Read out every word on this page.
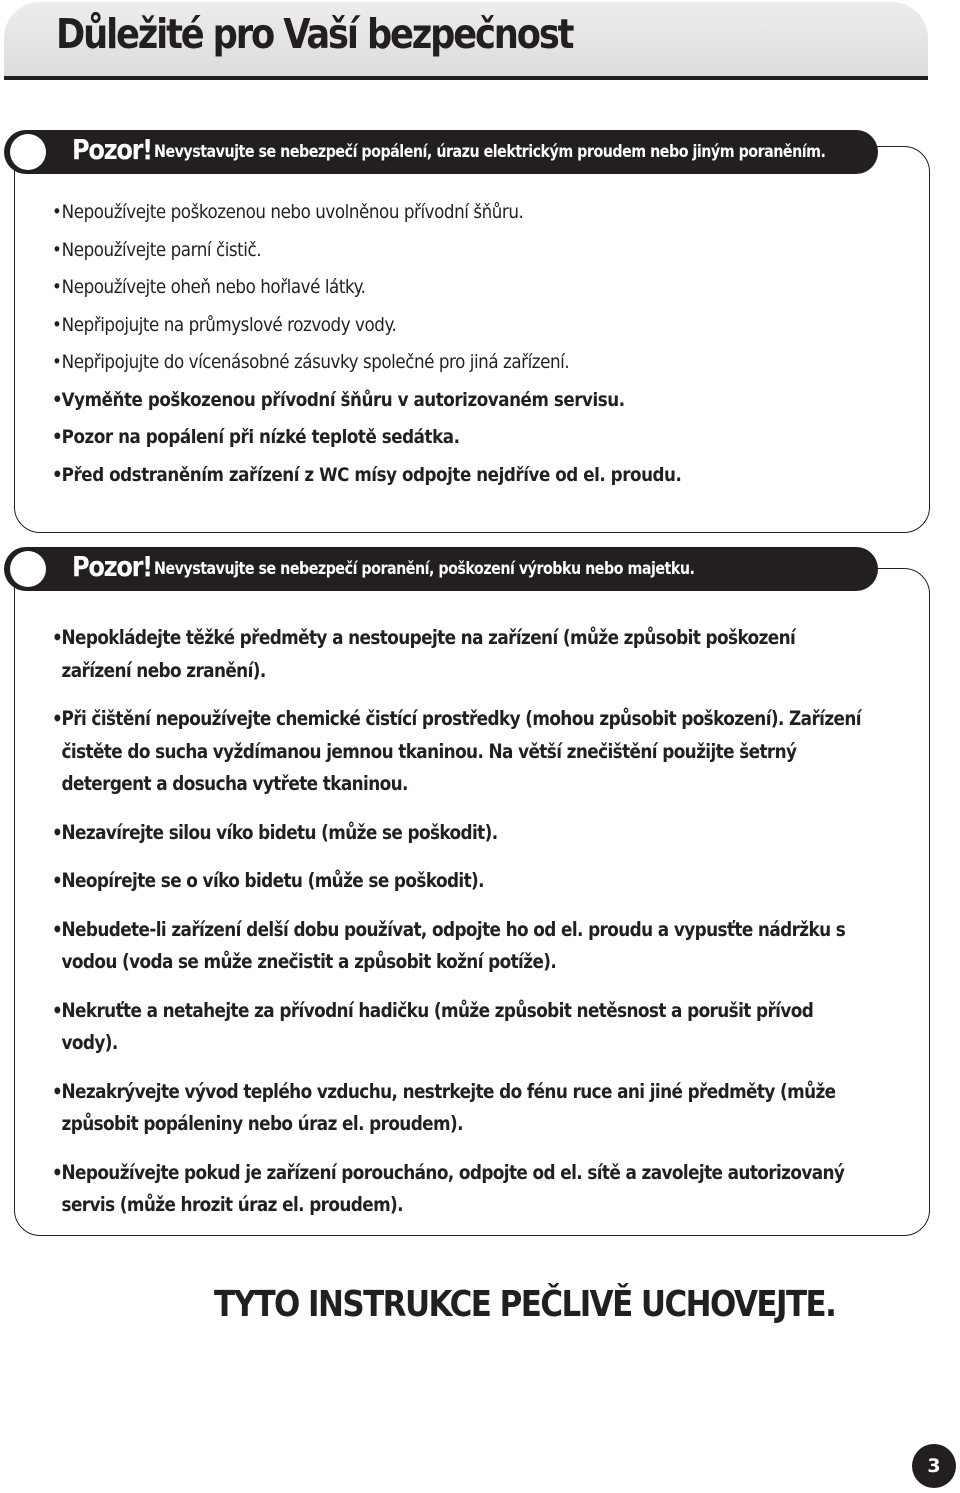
Důležité pro Vaší bezpečnost
Pozor! Nevystavujte se nebezpečí popálení, úrazu elektrickým proudem nebo jiným poraněním.
•Nepoužívejte poškozenou nebo uvolněnou přívodní šňůru.
•Nepoužívejte parní čistič.
•Nepoužívejte oheň nebo hořlavé látky.
•Nepřipojujte na průmyslové rozvody vody.
•Nepřipojujte do vícenásobné zásuvky společné pro jiná zařízení.
•Vyměňte poškozenou přívodní šňůru v autorizovaném servisu.
•Pozor na popálení při nízké teplotě sedátka.
•Před odstraněním zařízení z WC mísy odpojte nejdříve od el. proudu.
Pozor! Nevystavujte se nebezpečí poranění, poškození výrobku nebo majetku.
• Nepokládejte těžké předměty a nestoupejte na zařízení (může způsobit poškození zařízení nebo zranění).
• Při čištění nepoužívejte chemické čistící prostředky (mohou způsobit poškození). Zařízení čistěte do sucha vyždímanou jemnou tkaninou. Na větší znečištění použijte šetrný detergent a dosucha vytřete tkaninou.
• Nezavírejte silou víko bidetu (může se poškodit).
• Neopírejte se o víko bidetu (může se poškodit).
• Nebudete-li zařízení delší dobu používat, odpojte ho od el. proudu a vypusťte nádržku s vodou (voda se může znečistit a způsobit kožní potíže).
• Nekruťte a netahejte za přívodní hadičku (může způsobit netěsnost a porušit přívod vody).
• Nezakrývejte vývod teplého vzduchu, nestrkejte do fénu ruce ani jiné předměty (může způsobit popáleniny nebo úraz el. proudem).
• Nepoužívejte pokud je zařízení poroucháno, odpojte od el. sítě a zavolejte autorizovaný servis (může hrozit úraz el. proudem).

TYTO INSTRUKCE PEČLIVĚ UCHOVEJTE.

3
